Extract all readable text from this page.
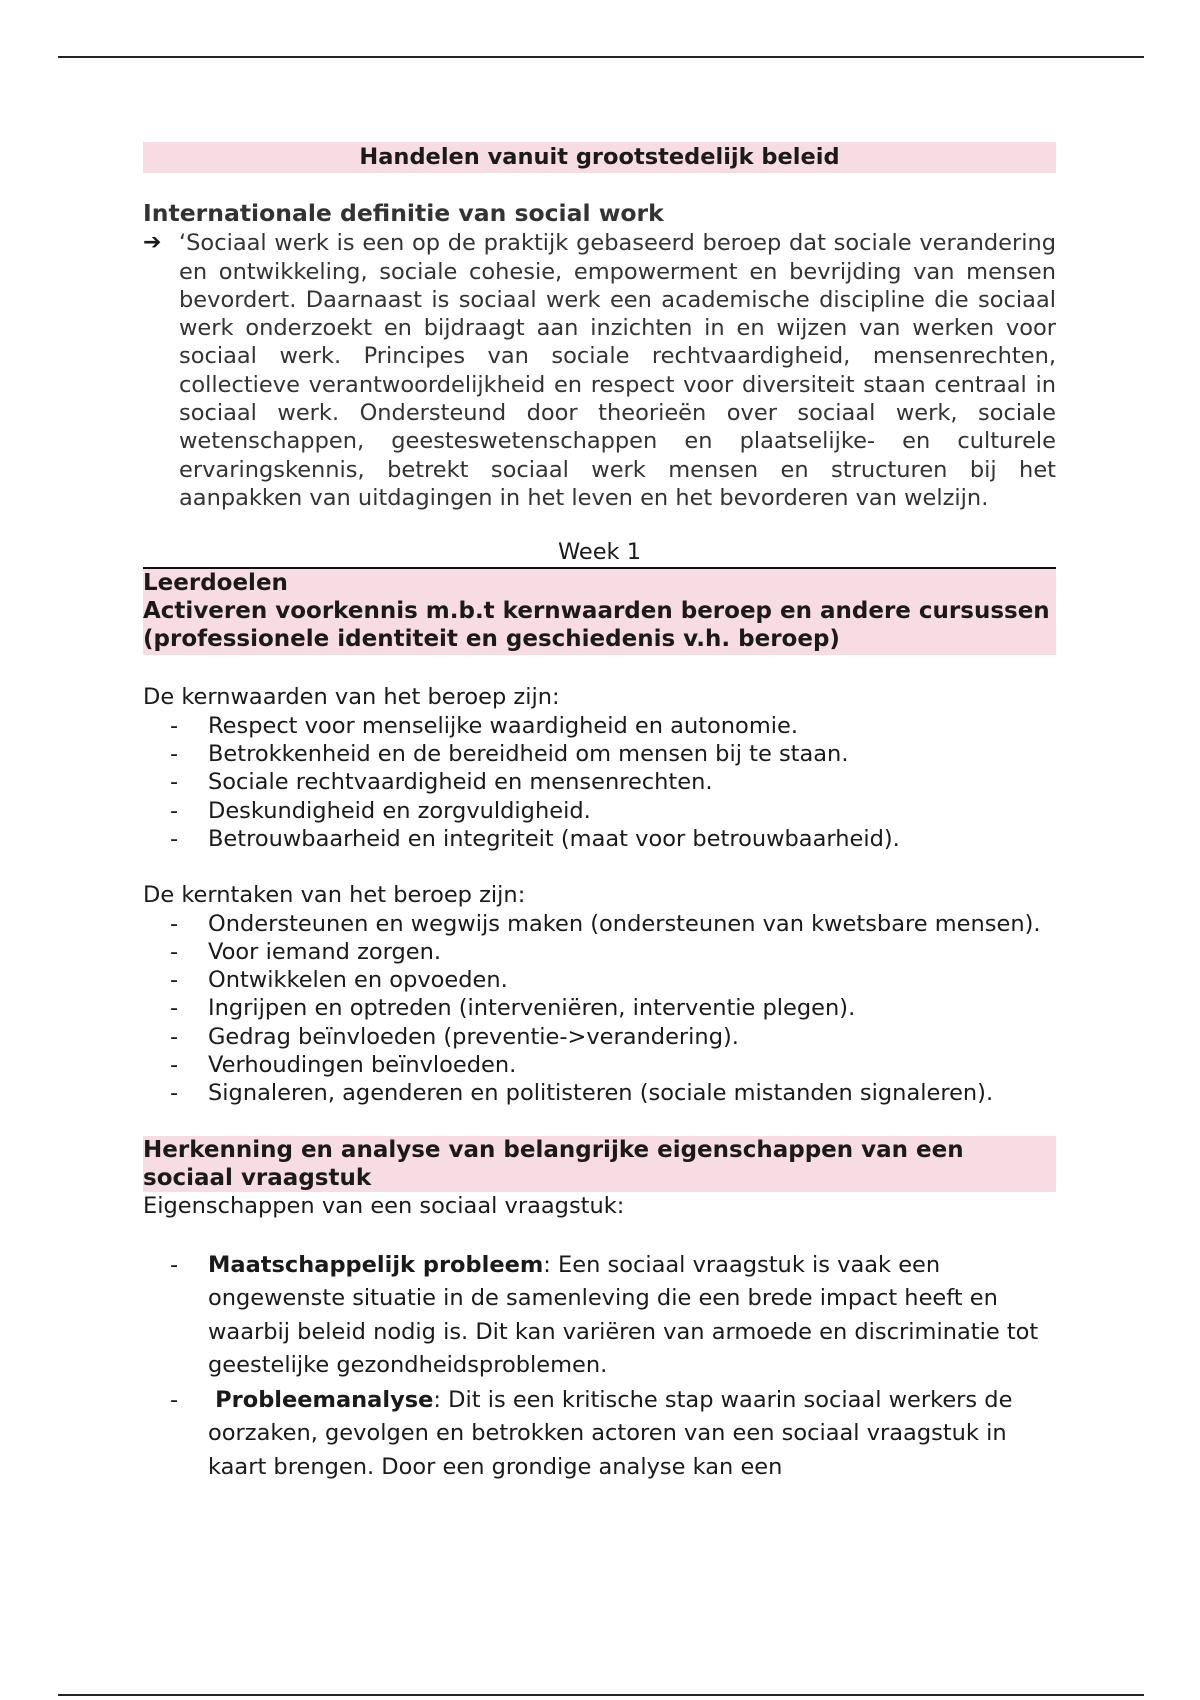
Handelen vanuit grootstedelijk beleid
Internationale definitie van social work
➔ ‘Sociaal werk is een op de praktijk gebaseerd beroep dat sociale verandering en ontwikkeling, sociale cohesie, empowerment en bevrijding van mensen bevordert. Daarnaast is sociaal werk een academische discipline die sociaal werk onderzoekt en bijdraagt aan inzichten in en wijzen van werken voor sociaal werk. Principes van sociale rechtvaardigheid, mensenrechten, collectieve verantwoordelijkheid en respect voor diversiteit staan centraal in sociaal werk. Ondersteund door theorieën over sociaal werk, sociale wetenschappen, geesteswetenschappen en plaatselijke- en culturele ervaringskennis, betrekt sociaal werk mensen en structuren bij het aanpakken van uitdagingen in het leven en het bevorderen van welzijn.
Week 1
Leerdoelen
Activeren voorkennis m.b.t kernwaarden beroep en andere cursussen (professionele identiteit en geschiedenis v.h. beroep)
De kernwaarden van het beroep zijn:
- Respect voor menselijke waardigheid en autonomie.
- Betrokkenheid en de bereidheid om mensen bij te staan.
- Sociale rechtvaardigheid en mensenrechten.
- Deskundigheid en zorgvuldigheid.
- Betrouwbaarheid en integriteit (maat voor betrouwbaarheid).
De kerntaken van het beroep zijn:
- Ondersteunen en wegwijs maken (ondersteunen van kwetsbare mensen).
- Voor iemand zorgen.
- Ontwikkelen en opvoeden.
- Ingrijpen en optreden (interveniëren, interventie plegen).
- Gedrag beïnvloeden (preventie->verandering).
- Verhoudingen beïnvloeden.
- Signaleren, agenderen en politisteren (sociale mistanden signaleren).
Herkenning en analyse van belangrijke eigenschappen van een sociaal vraagstuk
Eigenschappen van een sociaal vraagstuk:
- Maatschappelijk probleem: Een sociaal vraagstuk is vaak een ongewenste situatie in de samenleving die een brede impact heeft en waarbij beleid nodig is. Dit kan variëren van armoede en discriminatie tot geestelijke gezondheidsproblemen.
- Probleemanalyse: Dit is een kritische stap waarin sociaal werkers de oorzaken, gevolgen en betrokken actoren van een sociaal vraagstuk in kaart brengen. Door een grondige analyse kan een
